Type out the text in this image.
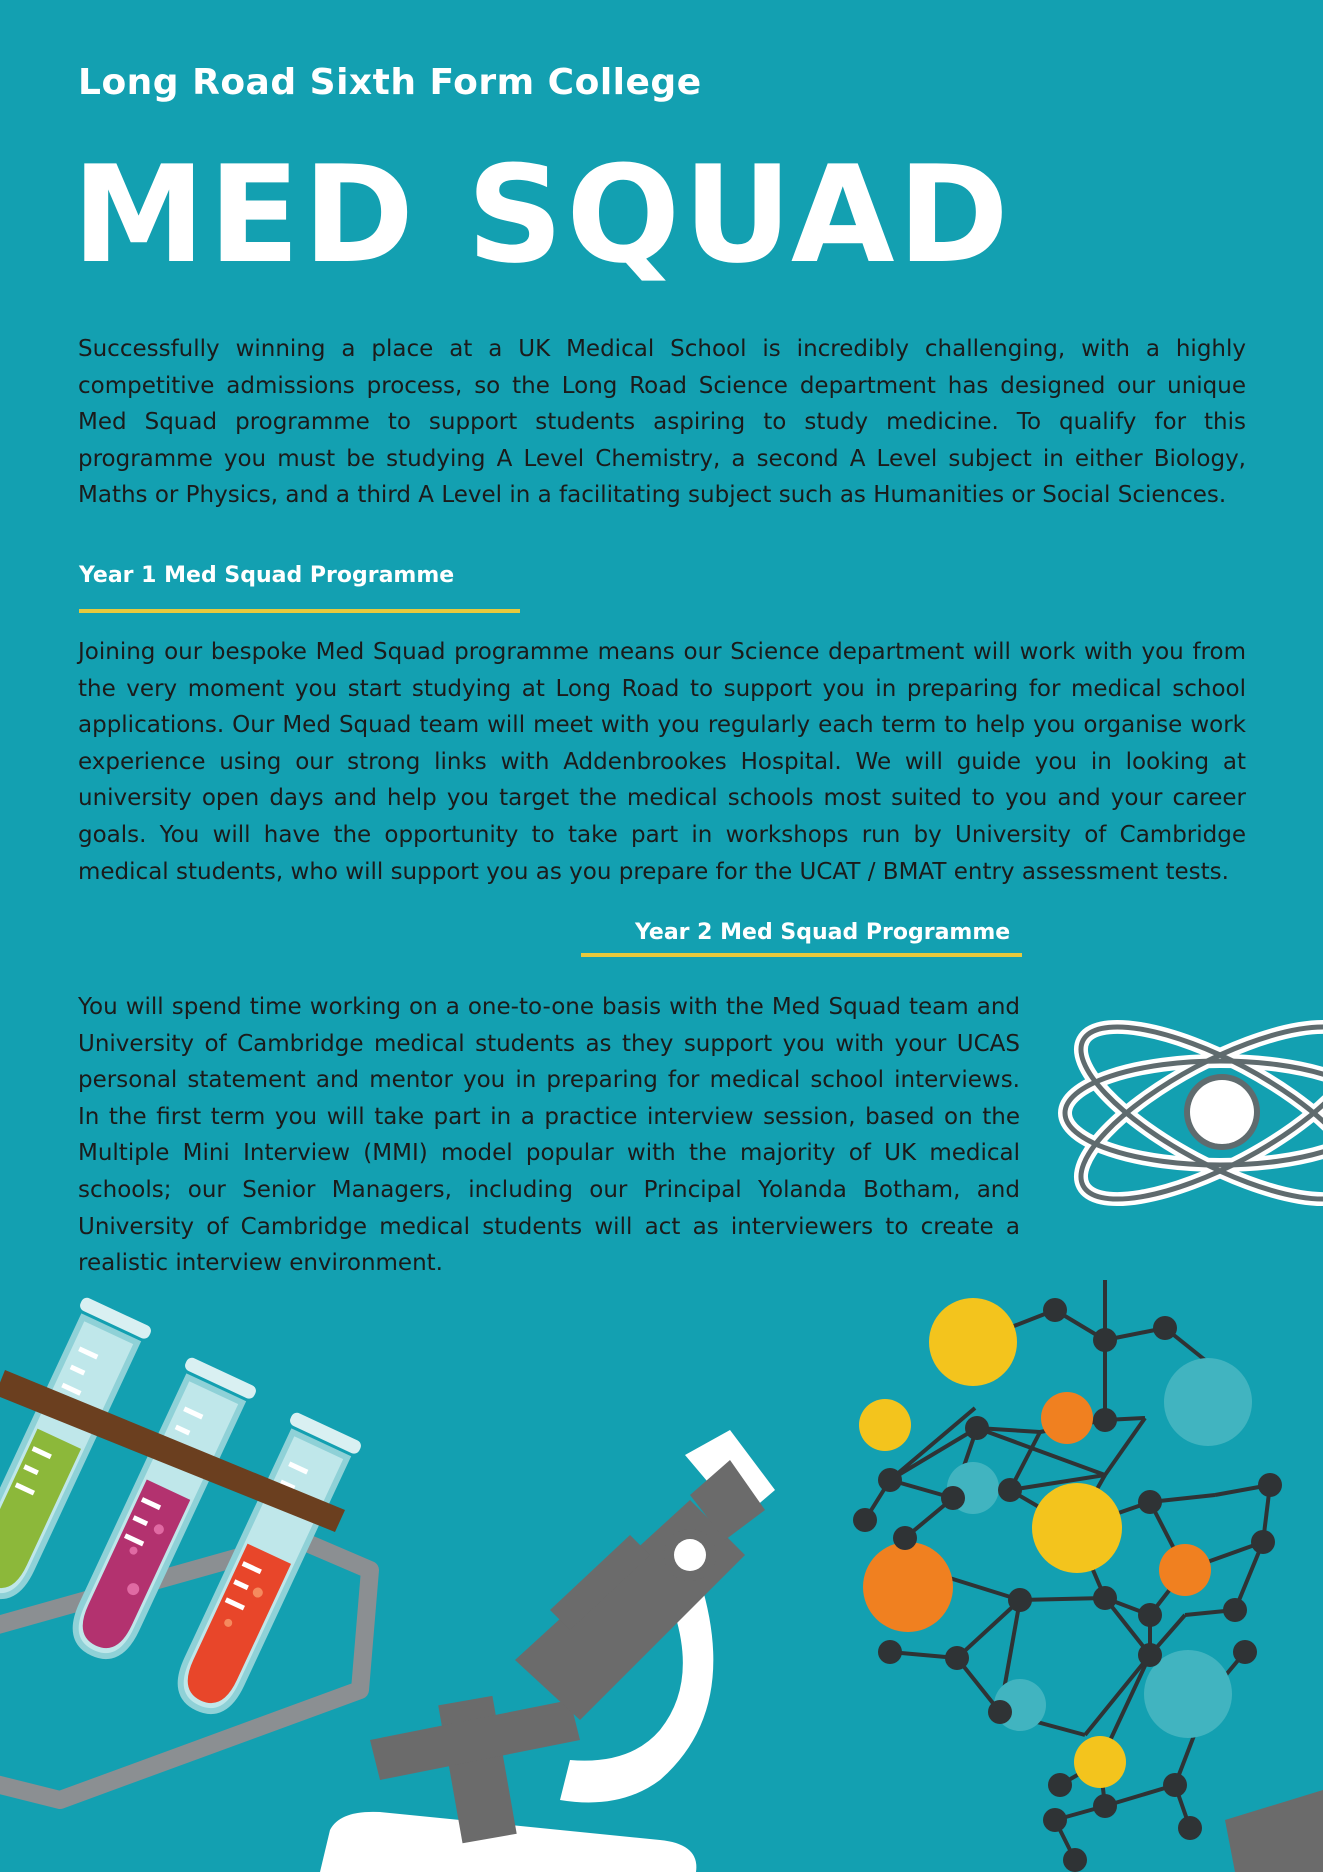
Long Road Sixth Form College
MED SQUAD

Successfully winning a place at a UK Medical School is incredibly challenging, with a highly competitive admissions process, so the Long Road Science department has designed our unique Med Squad programme to support students aspiring to study medicine. To qualify for this programme you must be studying A Level Chemistry, a second A Level subject in either Biology, Maths or Physics, and a third A Level in a facilitating subject such as Humanities or Social Sciences.

Year 1 Med Squad Programme

Joining our bespoke Med Squad programme means our Science department will work with you from the very moment you start studying at Long Road to support you in preparing for medical school applications. Our Med Squad team will meet with you regularly each term to help you organise work experience using our strong links with Addenbrookes Hospital. We will guide you in looking at university open days and help you target the medical schools most suited to you and your career goals. You will have the opportunity to take part in workshops run by University of Cambridge medical students, who will support you as you prepare for the UCAT / BMAT entry assessment tests.

Year 2 Med Squad Programme

You will spend time working on a one-to-one basis with the Med Squad team and University of Cambridge medical students as they support you with your UCAS personal statement and mentor you in preparing for medical school interviews. In the first term you will take part in a practice interview session, based on the Multiple Mini Interview (MMI) model popular with the majority of UK medical schools; our Senior Managers, including our Principal Yolanda Botham, and University of Cambridge medical students will act as interviewers to create a realistic interview environment.
